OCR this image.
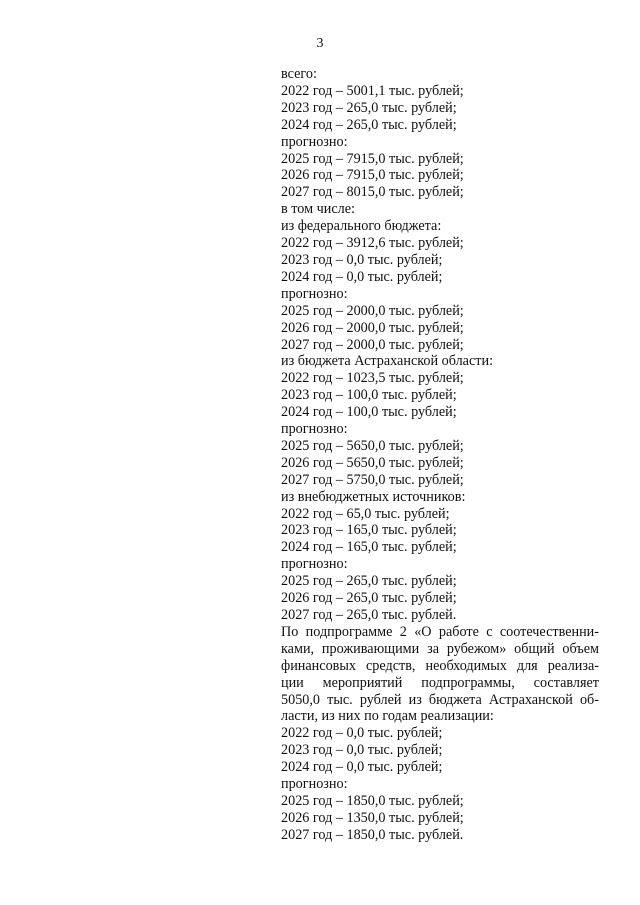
3
всего:
2022 год – 5001,1 тыс. рублей;
2023 год – 265,0 тыс. рублей;
2024 год – 265,0 тыс. рублей;
прогнозно:
2025 год – 7915,0 тыс. рублей;
2026 год – 7915,0 тыс. рублей;
2027 год – 8015,0 тыс. рублей;
в том числе:
из федерального бюджета:
2022 год – 3912,6 тыс. рублей;
2023 год – 0,0 тыс. рублей;
2024 год – 0,0 тыс. рублей;
прогнозно:
2025 год – 2000,0 тыс. рублей;
2026 год – 2000,0 тыс. рублей;
2027 год – 2000,0 тыс. рублей;
из бюджета Астраханской области:
2022 год – 1023,5 тыс. рублей;
2023 год – 100,0 тыс. рублей;
2024 год – 100,0 тыс. рублей;
прогнозно:
2025 год – 5650,0 тыс. рублей;
2026 год – 5650,0 тыс. рублей;
2027 год – 5750,0 тыс. рублей;
из внебюджетных источников:
2022 год – 65,0 тыс. рублей;
2023 год – 165,0 тыс. рублей;
2024 год – 165,0 тыс. рублей;
прогнозно:
2025 год – 265,0 тыс. рублей;
2026 год – 265,0 тыс. рублей;
2027 год – 265,0 тыс. рублей.
По подпрограмме 2 «О работе с соотечественни-
ками, проживающими за рубежом» общий объем
финансовых средств, необходимых для реализа-
ции мероприятий подпрограммы, составляет
5050,0 тыс. рублей из бюджета Астраханской об-
ласти, из них по годам реализации:
2022 год – 0,0 тыс. рублей;
2023 год – 0,0 тыс. рублей;
2024 год – 0,0 тыс. рублей;
прогнозно:
2025 год – 1850,0 тыс. рублей;
2026 год – 1350,0 тыс. рублей;
2027 год – 1850,0 тыс. рублей.
